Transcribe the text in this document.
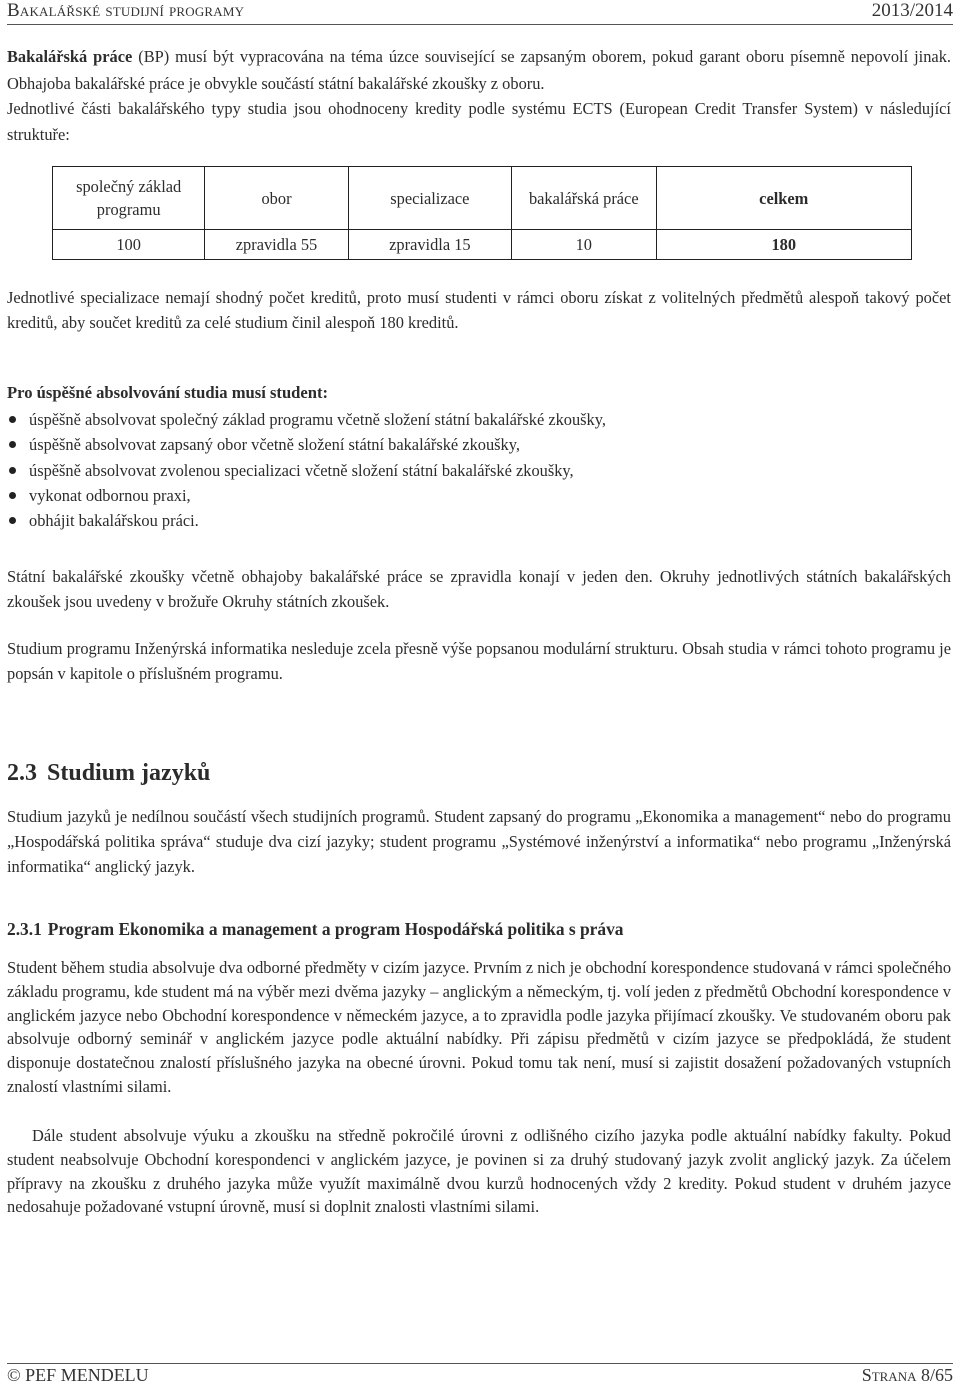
Bakalářské studijní programy	2013/2014

Bakalářská práce (BP) musí být vypracována na téma úzce související se zapsaným oborem, pokud garant oboru písemně nepovolí jinak. Obhajoba bakalářské práce je obvykle součástí státní bakalářské zkoušky z oboru.

Jednotlivé části bakalářského typy studia jsou ohodnoceny kredity podle systému ECTS (European Credit Transfer System) v následující struktuře:

společný základ programu	obor	specializace	bakalářská práce	celkem
100	zpravidla 55	zpravidla 15	10	180

Jednotlivé specializace nemají shodný počet kreditů, proto musí studenti v rámci oboru získat z volitelných předmětů alespoň takový počet kreditů, aby součet kreditů za celé studium činil alespoň 180 kreditů.

Pro úspěšné absolvování studia musí student:

úspěšně absolvovat společný základ programu včetně složení státní bakalářské zkoušky,
úspěšně absolvovat zapsaný obor včetně složení státní bakalářské zkoušky,
úspěšně absolvovat zvolenou specializaci včetně složení státní bakalářské zkoušky,
vykonat odbornou praxi,
obhájit bakalářskou práci.

Státní bakalářské zkoušky včetně obhajoby bakalářské práce se zpravidla konají v jeden den. Okruhy jednotlivých státních bakalářských zkoušek jsou uvedeny v brožuře Okruhy státních zkoušek.

Studium programu Inženýrská informatika nesleduje zcela přesně výše popsanou modulární strukturu. Obsah studia v rámci tohoto programu je popsán v kapitole o příslušném programu.

2.3 Studium jazyků

Studium jazyků je nedílnou součástí všech studijních programů. Student zapsaný do programu „Ekonomika a management“ nebo do programu „Hospodářská politika správa“ studuje dva cizí jazyky; student programu „Systémové inženýrství a informatika“ nebo programu „Inženýrská informatika“ anglický jazyk.

2.3.1 Program Ekonomika a management a program Hospodářská politika s práva

Student během studia absolvuje dva odborné předměty v cizím jazyce. Prvním z nich je obchodní korespondence studovaná v rámci společného základu programu, kde student má na výběr mezi dvěma jazyky – anglickým a německým, tj. volí jeden z předmětů Obchodní korespondence v anglickém jazyce nebo Obchodní korespondence v německém jazyce, a to zpravidla podle jazyka přijímací zkoušky. Ve studovaném oboru pak absolvuje odborný seminář v anglickém jazyce podle aktuální nabídky. Při zápisu předmětů v cizím jazyce se předpokládá, že student disponuje dostatečnou znalostí příslušného jazyka na obecné úrovni. Pokud tomu tak není, musí si zajistit dosažení požadovaných vstupních znalostí vlastními silami.

Dále student absolvuje výuku a zkoušku na středně pokročilé úrovni z odlišného cizího jazyka podle aktuální nabídky fakulty. Pokud student neabsolvuje Obchodní korespondenci v anglickém jazyce, je povinen si za druhý studovaný jazyk zvolit anglický jazyk. Za účelem přípravy na zkoušku z druhého jazyka může využít maximálně dvou kurzů hodnocených vždy 2 kredity. Pokud student v druhém jazyce nedosahuje požadované vstupní úrovně, musí si doplnit znalosti vlastními silami.

© PEF MENDELU	Strana 8/65
